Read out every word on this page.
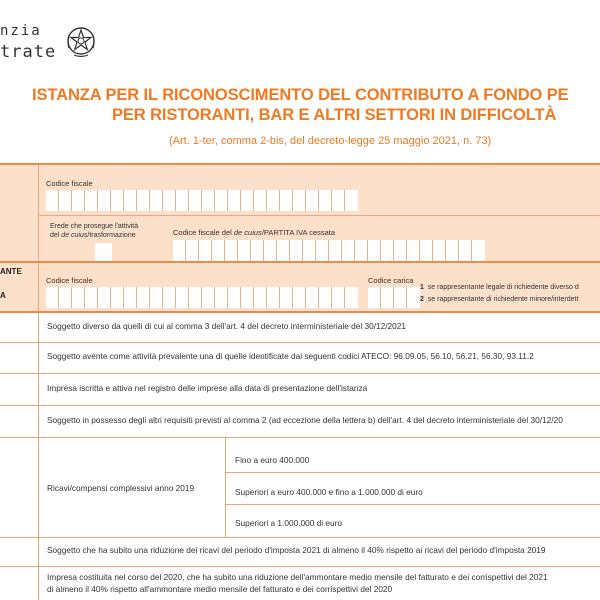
nzia
trate
ISTANZA PER IL RICONOSCIMENTO DEL CONTRIBUTO A FONDO PE
PER RISTORANTI, BAR E ALTRI SETTORI IN DIFFICOLTÀ
(Art. 1-ter, comma 2-bis, del decreto-legge 25 maggio 2021, n. 73)
Codice fiscale
Erede che prosegue l'attività
del de cuius/trasformazione	Codice fiscale del de cuius/PARTITA IVA cessata
ANTE
A
Codice fiscale	Codice carica
1 se rappresentante legale di richiedente diverso d
2 se rappresentante di richiedente minore/interdett
Soggetto diverso da quelli di cui al comma 3 dell'art. 4 del decreto interministeriale del 30/12/2021
Soggetto avente come attività prevalente una di quelle identificate dai seguenti codici ATECO: 96.09.05, 56.10, 56.21, 56.30, 93.11.2
Impresa iscritta e attiva nel registro delle imprese alla data di presentazione dell'istanza
Soggetto in possesso degli altri requisiti previsti al comma 2 (ad eccezione della lettera b) dell'art. 4 del decreto interministeriale del 30/12/20
Ricavi/compensi complessivi anno 2019
Fino a euro 400.000
Superiori a euro 400.000 e fino a 1.000.000 di euro
Superiori a 1.000.000 di euro
Soggetto che ha subito una riduzione dei ricavi del periodo d'imposta 2021 di almeno il 40% rispetto ai ricavi del periodo d'imposta 2019
Impresa costituita nel corso del 2020, che ha subito una riduzione dell'ammontare medio mensile del fatturato e dei corrispettivi del 2021
di almeno il 40% rispetto all'ammontare medio mensile del fatturato e dei corrispettivi del 2020
